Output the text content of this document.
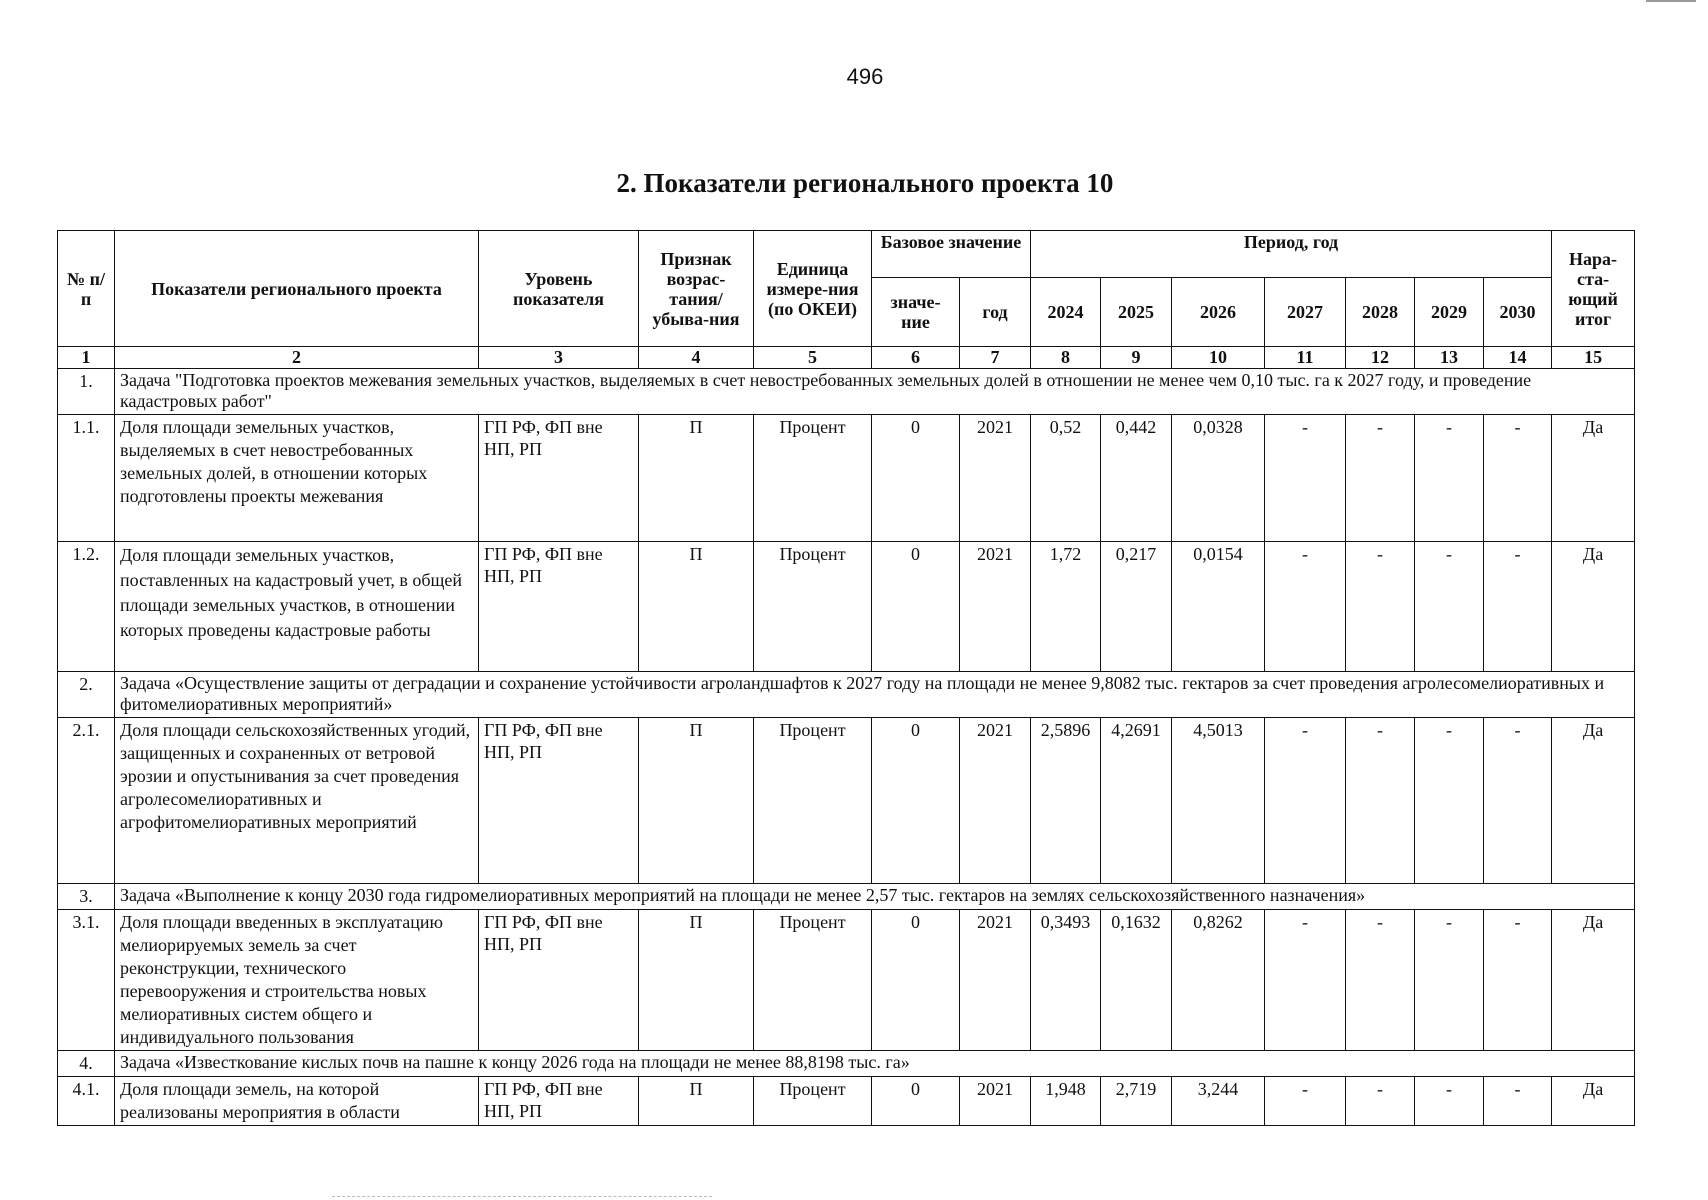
496
2. Показатели регионального проекта 10
№ п/п	Показатели регионального проекта	Уровень показателя	Признак возрас-тания/ убыва-ния	Единица измере-ния (по ОКЕИ)	Базовое значение		Период, год							Нара-ста-ющий итог
					значе-ние	год	2024	2025	2026	2027	2028	2029	2030	
1	2	3	4	5	6	7	8	9	10	11	12	13	14	15
1.	Задача "Подготовка проектов межевания земельных участков, выделяемых в счет невостребованных земельных долей в отношении не менее чем 0,10 тыс. га к 2027 году, и проведение кадастровых работ"													
1.1.	Доля площади земельных участков, выделяемых в счет невостребованных земельных долей, в отношении которых подготовлены проекты межевания	ГП РФ, ФП вне НП, РП	П	Процент	0	2021	0,52	0,442	0,0328	-	-	-	-	Да
1.2.	Доля площади земельных участков, поставленных на кадастровый учет, в общей площади земельных участков, в отношении которых проведены кадастровые работы	ГП РФ, ФП вне НП, РП	П	Процент	0	2021	1,72	0,217	0,0154	-	-	-	-	Да
2.	Задача «Осуществление защиты от деградации и сохранение устойчивости агроландшафтов к 2027 году на площади не менее 9,8082 тыс. гектаров за счет проведения агролесомелиоративных и фитомелиоративных мероприятий»													
2.1.	Доля площади сельскохозяйственных угодий, защищенных и сохраненных от ветровой эрозии и опустынивания за счет проведения агролесомелиоративных и агрофитомелиоративных мероприятий	ГП РФ, ФП вне НП, РП	П	Процент	0	2021	2,5896	4,2691	4,5013	-	-	-	-	Да
3.	Задача «Выполнение к концу 2030 года гидромелиоративных мероприятий на площади не менее 2,57 тыс. гектаров на землях сельскохозяйственного назначения»													
3.1.	Доля площади введенных в эксплуатацию мелиорируемых земель за счет реконструкции, технического перевооружения и строительства новых мелиоративных систем общего и индивидуального пользования	ГП РФ, ФП вне НП, РП	П	Процент	0	2021	0,3493	0,1632	0,8262	-	-	-	-	Да
4.	Задача «Известкование кислых почв на пашне к концу 2026 года на площади не менее 88,8198 тыс. га»													
4.1.	Доля площади земель, на которой реализованы мероприятия в области	ГП РФ, ФП вне НП, РП	П	Процент	0	2021	1,948	2,719	3,244	-	-	-	-	Да
